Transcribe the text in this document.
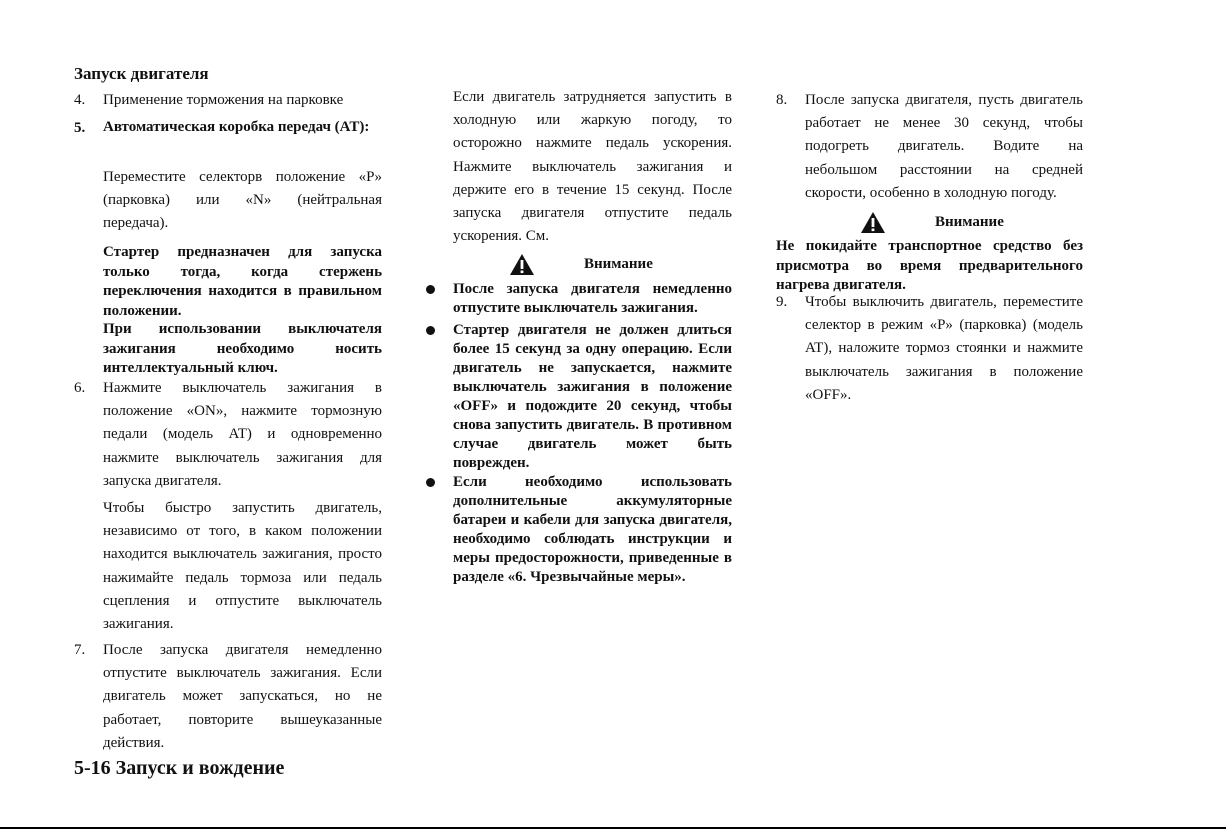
Запуск двигателя
4. Применение торможения на парковке
5. Автоматическая коробка передач (AT):
Переместите селекторв положение «P» (парковка) или «N» (нейтральная передача).
Стартер предназначен для запуска только тогда, когда стержень переключения находится в правильном положении.
При использовании выключателя зажигания необходимо носить интеллектуальный ключ.
6. Нажмите выключатель зажигания в положение «ON», нажмите тормозную педали (модель AT) и одновременно нажмите выключатель зажигания для запуска двигателя.
Чтобы быстро запустить двигатель, независимо от того, в каком положении находится выключатель зажигания, просто нажимайте педаль тормоза или педаль сцепления и отпустите выключатель зажигания.
7. После запуска двигателя немедленно отпустите выключатель зажигания. Если двигатель может запускаться, но не работает, повторите вышеуказанные действия.
Если двигатель затрудняется запустить в холодную или жаркую погоду, то осторожно нажмите педаль ускорения. Нажмите выключатель зажигания и держите его в течение 15 секунд. После запуска двигателя отпустите педаль ускорения. См.
Внимание
После запуска двигателя немедленно отпустите выключатель зажигания.
Стартер двигателя не должен длиться более 15 секунд за одну операцию. Если двигатель не запускается, нажмите выключатель зажигания в положение «OFF» и подождите 20 секунд, чтобы снова запустить двигатель. В противном случае двигатель может быть поврежден.
Если необходимо использовать дополнительные аккумуляторные батареи и кабели для запуска двигателя, необходимо соблюдать инструкции и меры предосторожности, приведенные в разделе «6. Чрезвычайные меры».
8. После запуска двигателя, пусть двигатель работает не менее 30 секунд, чтобы подогреть двигатель. Водите на небольшом расстоянии на средней скорости, особенно в холодную погоду.
Внимание
Не покидайте транспортное средство без присмотра во время предварительного нагрева двигателя.
9. Чтобы выключить двигатель, переместите селектор в режим «P» (парковка) (модель AT), наложите тормоз стоянки и нажмите выключатель зажигания в положение «OFF».
5-16 Запуск и вождение
